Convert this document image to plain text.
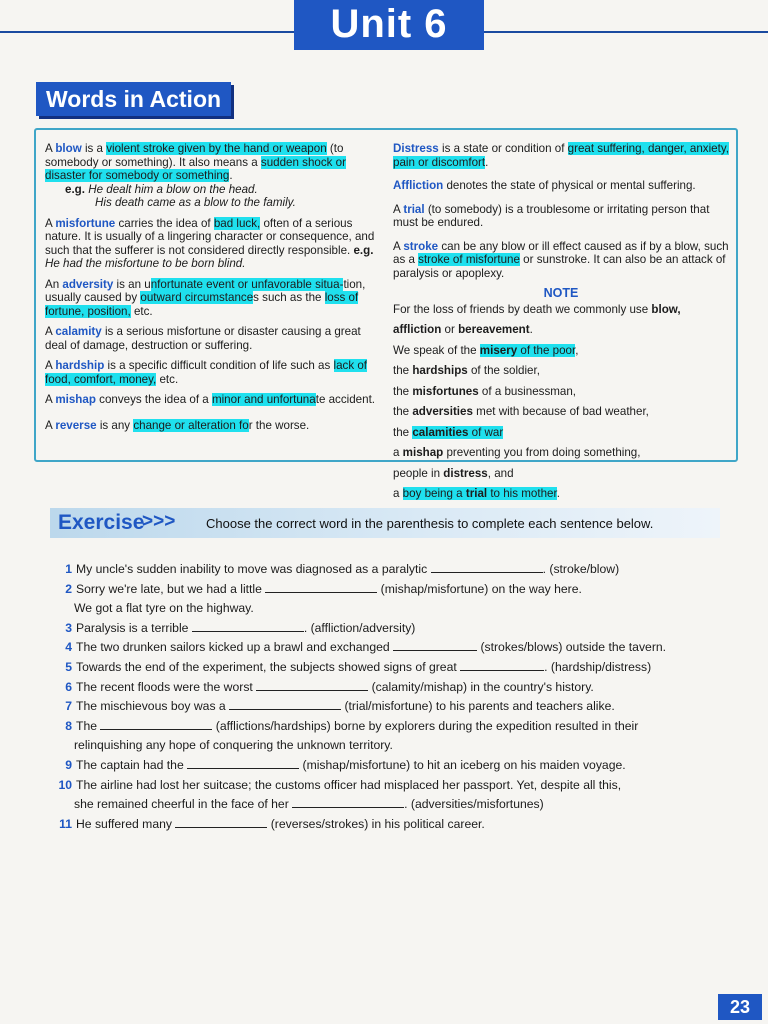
Unit 6
Words in Action

A blow is a violent stroke given by the hand or weapon (to somebody or something). It also means a sudden shock or disaster for somebody or something.
e.g. He dealt him a blow on the head.
His death came as a blow to the family.

A misfortune carries the idea of bad luck, often of a serious nature. It is usually of a lingering character or consequence, and such that the sufferer is not considered directly responsible. e.g. He had the misfortune to be born blind.

An adversity is an unfortunate event or unfavorable situa-tion, usually caused by outward circumstances such as the loss of fortune, position, etc.

A calamity is a serious misfortune or disaster causing a great deal of damage, destruction or suffering.

A hardship is a specific difficult condition of life such as lack of food, comfort, money, etc.

A mishap conveys the idea of a minor and unfortunate accident.

A reverse is any change or alteration for the worse.

Distress is a state or condition of great suffering, danger, anxiety, pain or discomfort.

Affliction denotes the state of physical or mental suffering.

A trial (to somebody) is a troublesome or irritating person that must be endured.

A stroke can be any blow or ill effect caused as if by a blow, such as a stroke of misfortune or sunstroke. It can also be an attack of paralysis or apoplexy.

NOTE

For the loss of friends by death we commonly use blow,

affliction or bereavement.

We speak of the misery of the poor,

the hardships of the soldier,

the misfortunes of a businessman,

the adversities met with because of bad weather,

the calamities of war

a mishap preventing you from doing something,

people in distress, and

a boy being a trial to his mother.

Exercise
>>> Choose the correct word in the parenthesis to complete each sentence below.
1 My uncle's sudden inability to move was diagnosed as a paralytic	. (stroke/blow)
2 Sorry we're late, but we had a little	(mishap/misfortune) on the way here.
We got a flat tyre on the highway.
3 Paralysis is a terrible	. (affliction/adversity)
4 The two drunken sailors kicked up a brawl and exchanged	(strokes/blows) outside the tavern.
5 Towards the end of the experiment, the subjects showed signs of great	. (hardship/distress)
6 The recent floods were the worst	(calamity/mishap) in the country's history.
7 The mischievous boy was a	(trial/misfortune) to his parents and teachers alike.
8 The	(afflictions/hardships) borne by explorers during the expedition resulted in their
relinquishing any hope of conquering the unknown territory.
9 The captain had the	(mishap/misfortune) to hit an iceberg on his maiden voyage.
10 The airline had lost her suitcase; the customs officer had misplaced her passport. Yet, despite all this,
she remained cheerful in the face of her	. (adversities/misfortunes)
11 He suffered many	(reverses/strokes) in his political career.
23
